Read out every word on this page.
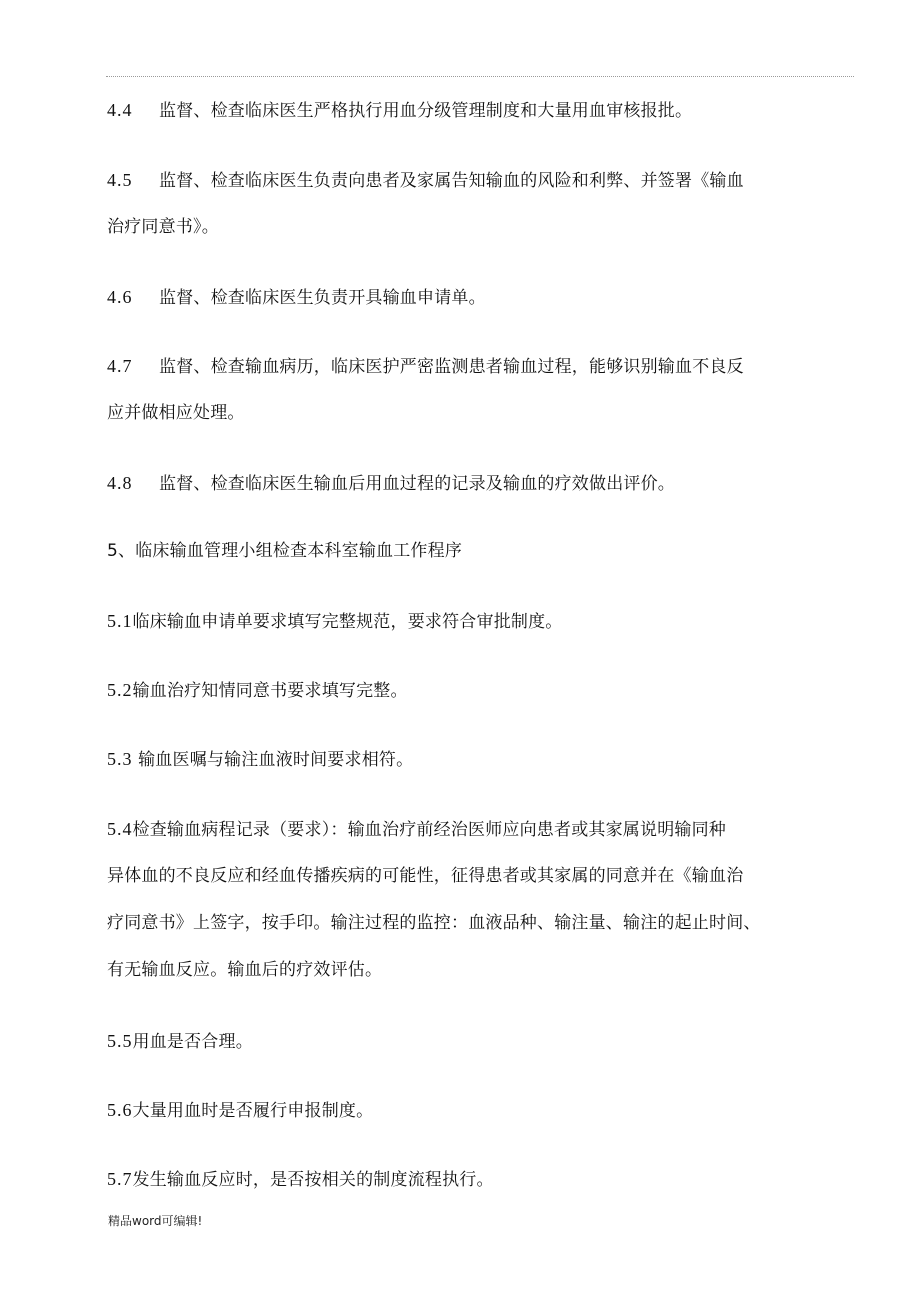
4.4 监督、检查临床医生严格执行用血分级管理制度和大量用血审核报批。
4.5 监督、检查临床医生负责向患者及家属告知输血的风险和利弊、并签署《输血
治疗同意书》。
4.6 监督、检查临床医生负责开具输血申请单。
4.7 监督、检查输血病历，临床医护严密监测患者输血过程，能够识别输血不良反
应并做相应处理。
4.8 监督、检查临床医生输血后用血过程的记录及输血的疗效做出评价。
5、临床输血管理小组检查本科室输血工作程序
5.1临床输血申请单要求填写完整规范，要求符合审批制度。
5.2输血治疗知情同意书要求填写完整。
5.3 输血医嘱与输注血液时间要求相符。
5.4检查输血病程记录（要求）：输血治疗前经治医师应向患者或其家属说明输同种
异体血的不良反应和经血传播疾病的可能性，征得患者或其家属的同意并在《输血治
疗同意书》上签字，按手印。输注过程的监控：血液品种、输注量、输注的起止时间、
有无输血反应。输血后的疗效评估。
5.5用血是否合理。
5.6大量用血时是否履行申报制度。
5.7发生输血反应时，是否按相关的制度流程执行。
精品word可编辑!
